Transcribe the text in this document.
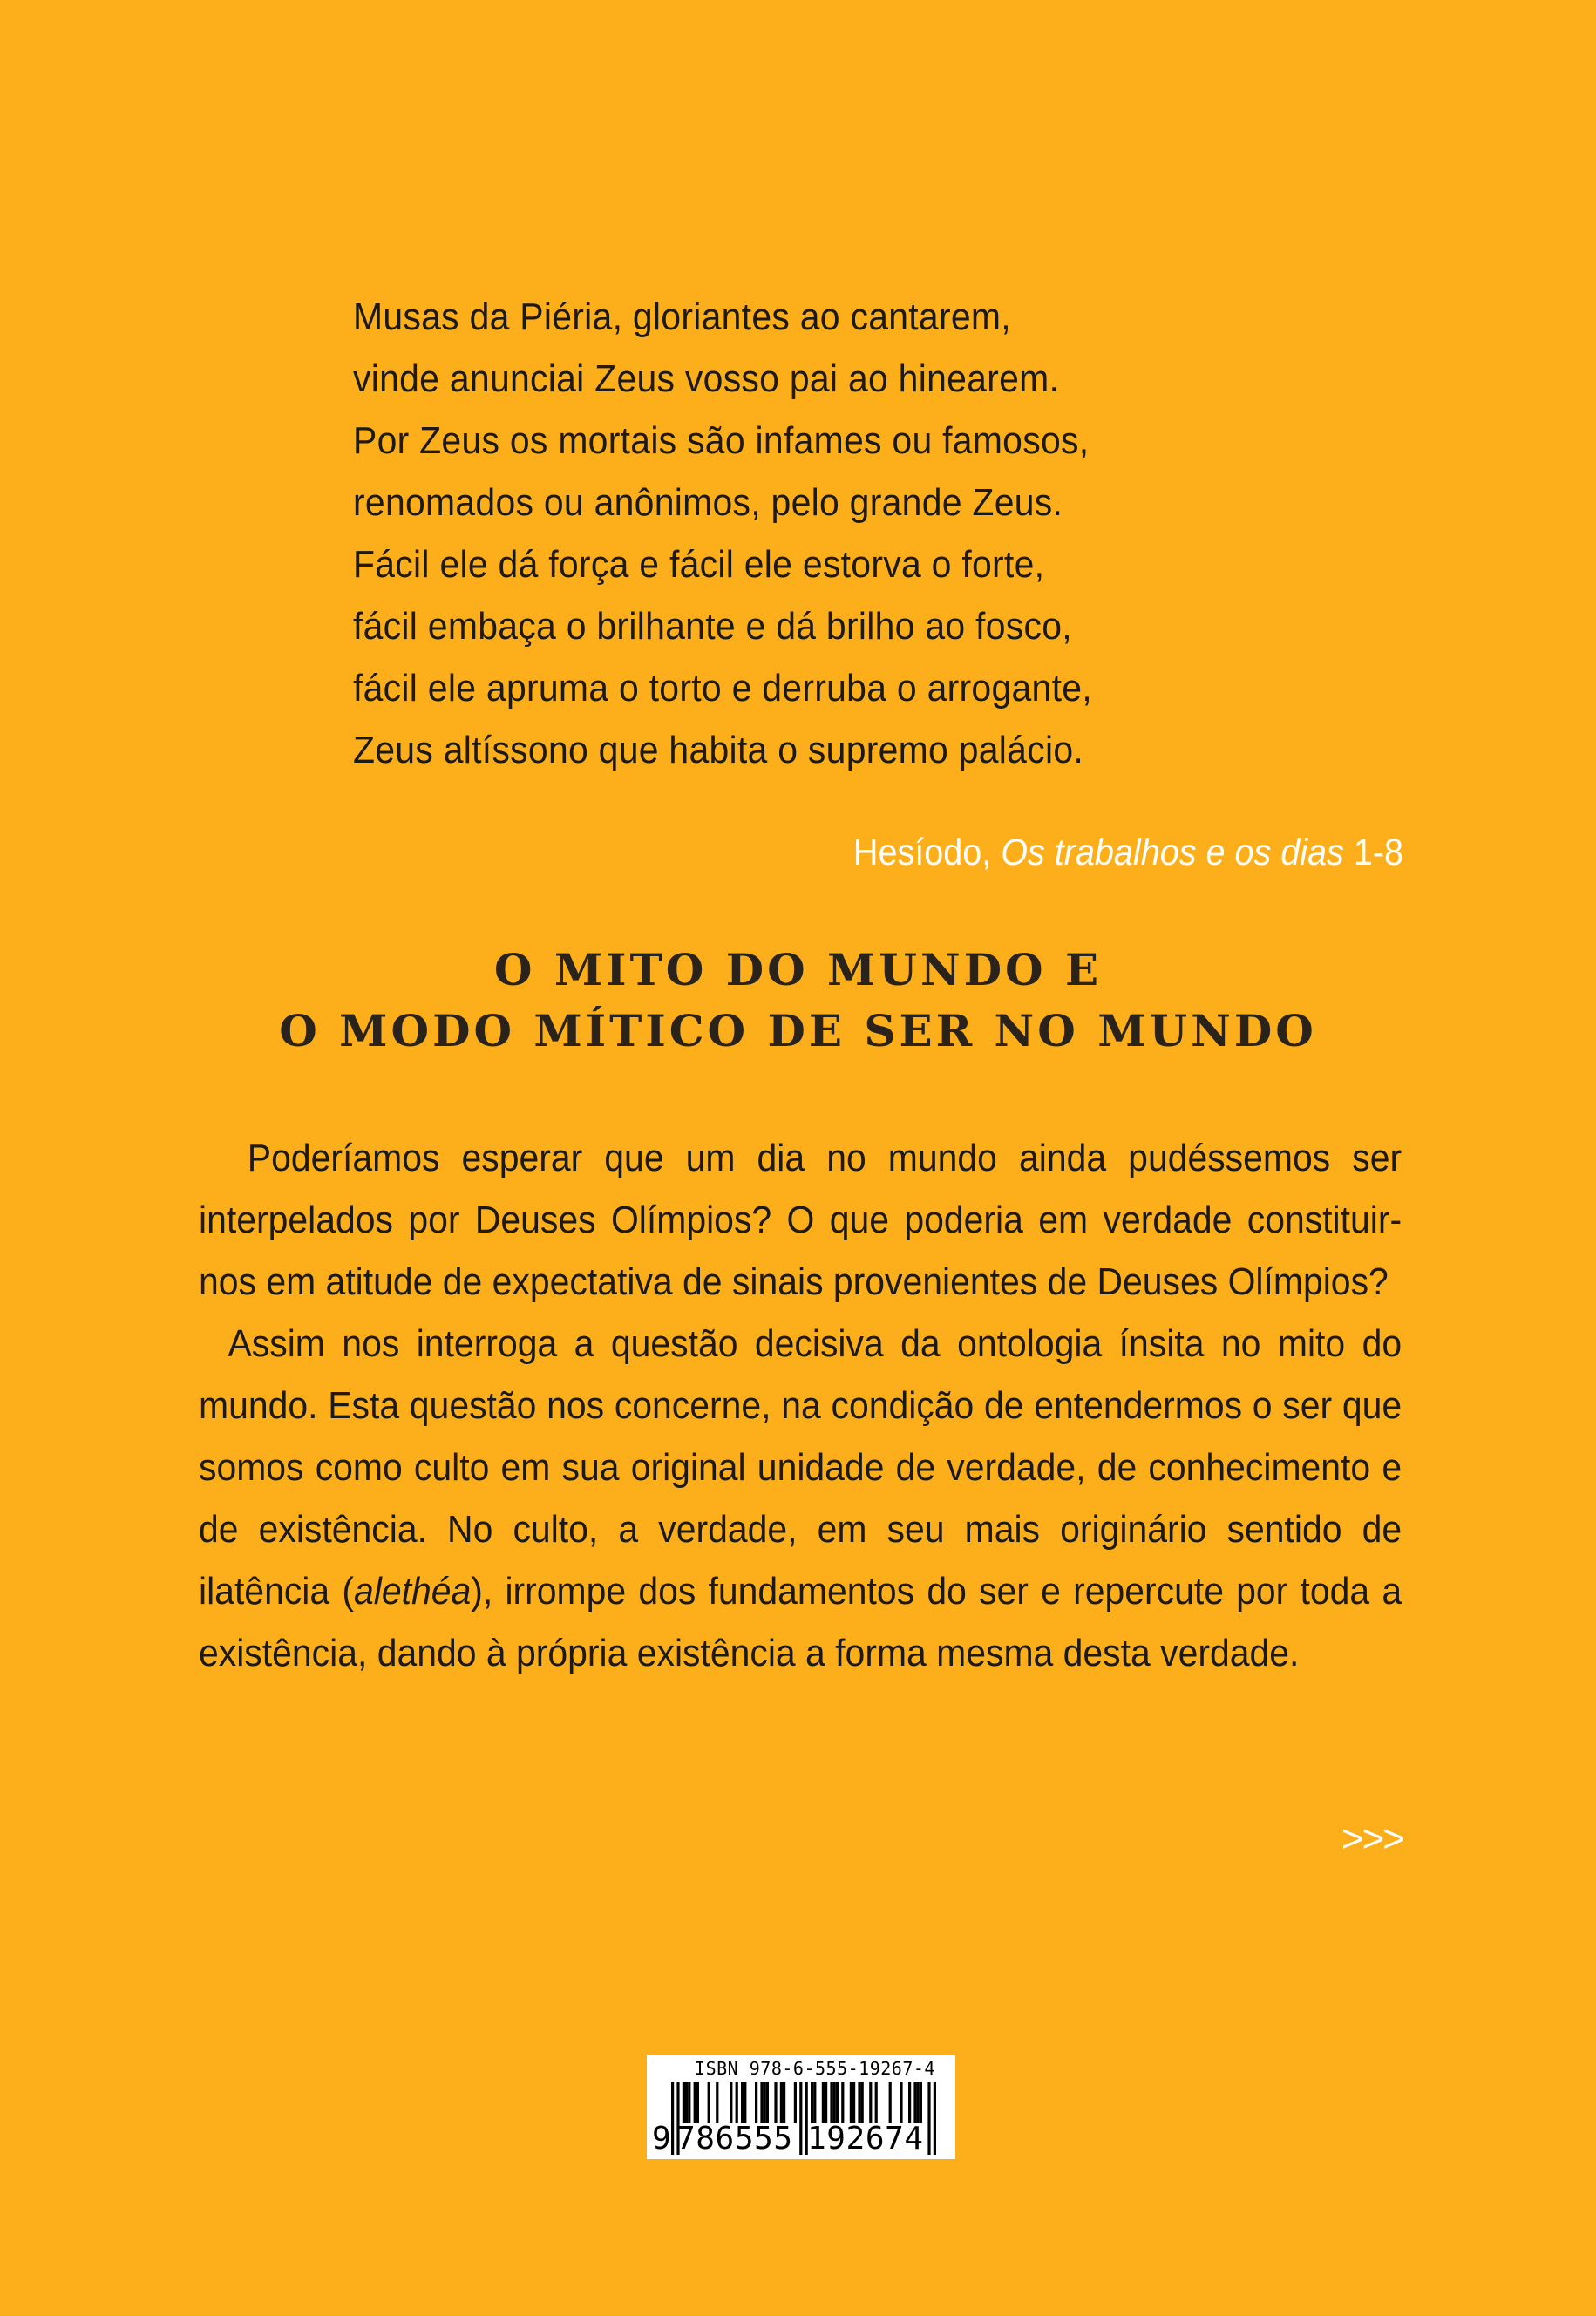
Musas da Piéria, gloriantes ao cantarem,
vinde anunciai Zeus vosso pai ao hinearem.
Por Zeus os mortais são infames ou famosos,
renomados ou anônimos, pelo grande Zeus.
Fácil ele dá força e fácil ele estorva o forte,
fácil embaça o brilhante e dá brilho ao fosco,
fácil ele apruma o torto e derruba o arrogante,
Zeus altíssono que habita o supremo palácio.
Hesíodo, Os trabalhos e os dias 1-8
O MITO DO MUNDO E
O MODO MÍTICO DE SER NO MUNDO

Poderíamos esperar que um dia no mundo ainda pudéssemos ser interpelados por Deuses Olímpios? O que poderia em verdade constituir-nos em atitude de expectativa de sinais provenientes de Deuses Olímpios?

Assim nos interroga a questão decisiva da ontologia ínsita no mito do mundo. Esta questão nos concerne, na condição de entendermos o ser que somos como culto em sua original unidade de verdade, de conhecimento e de existência. No culto, a verdade, em seu mais originário sentido de ilatência (alethéa), irrompe dos fundamentos do ser e repercute por toda a existência, dando à própria existência a forma mesma desta verdade.

>>>
ISBN 978-6-555-19267-4
9 786555 192674
